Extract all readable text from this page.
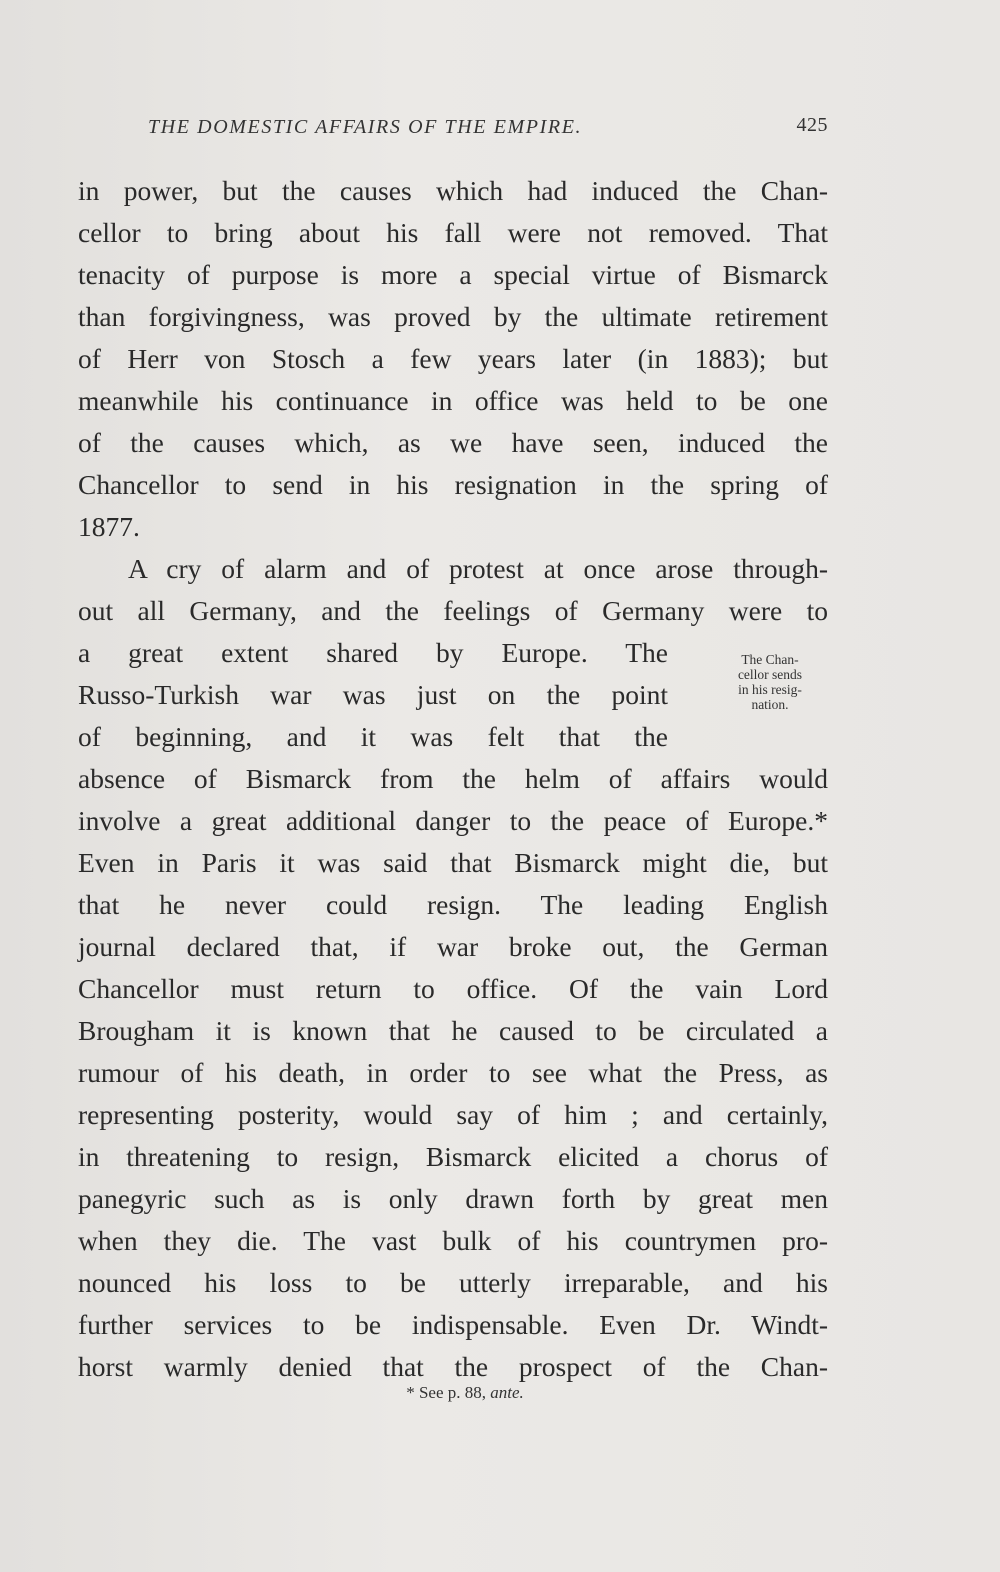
THE DOMESTIC AFFAIRS OF THE EMPIRE.	425
in power, but the causes which had induced the Chan-
cellor to bring about his fall were not removed. That
tenacity of purpose is more a special virtue of Bismarck
than forgivingness, was proved by the ultimate retirement
of Herr von Stosch a few years later (in 1883); but
meanwhile his continuance in office was held to be one
of the causes which, as we have seen, induced the
Chancellor to send in his resignation in the spring of
1877.
A cry of alarm and of protest at once arose through-
out all Germany, and the feelings of Germany were to
a great extent shared by Europe. The
Russo-Turkish war was just on the point
of beginning, and it was felt that the
absence of Bismarck from the helm of affairs would
involve a great additional danger to the peace of Europe.*
Even in Paris it was said that Bismarck might die, but
that he never could resign. The leading English
journal declared that, if war broke out, the German
Chancellor must return to office. Of the vain Lord
Brougham it is known that he caused to be circulated a
rumour of his death, in order to see what the Press, as
representing posterity, would say of him ; and certainly,
in threatening to resign, Bismarck elicited a chorus of
panegyric such as is only drawn forth by great men
when they die. The vast bulk of his countrymen pro-
nounced his loss to be utterly irreparable, and his
further services to be indispensable. Even Dr. Windt-
horst warmly denied that the prospect of the Chan-
The Chan-
cellor sends
in his resig-
nation.
* See p. 88, ante.
